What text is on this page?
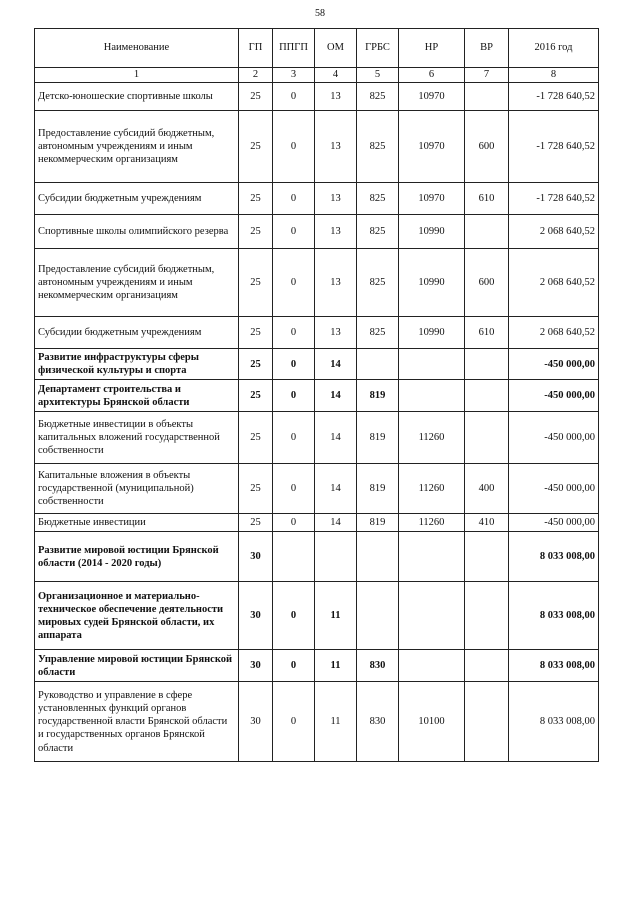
58
Наименование	ГП	ППГП	ОМ	ГРБС	НР	ВР	2016 год
1	2	3	4	5	6	7	8
Детско-юношеские спортивные школы	25	0	13	825	10970		-1 728 640,52
Предоставление субсидий бюджетным, автономным учреждениям и иным некоммерческим организациям	25	0	13	825	10970	600	-1 728 640,52
Субсидии бюджетным учреждениям	25	0	13	825	10970	610	-1 728 640,52
Спортивные школы олимпийского резерва	25	0	13	825	10990		2 068 640,52
Предоставление субсидий бюджетным, автономным учреждениям и иным некоммерческим организациям	25	0	13	825	10990	600	2 068 640,52
Субсидии бюджетным учреждениям	25	0	13	825	10990	610	2 068 640,52
Развитие инфраструктуры сферы физической культуры и спорта	25	0	14				-450 000,00
Департамент строительства и архитектуры Брянской области	25	0	14	819			-450 000,00
Бюджетные инвестиции в объекты капитальных вложений государственной собственности	25	0	14	819	11260		-450 000,00
Капитальные вложения в объекты государственной (муниципальной) собственности	25	0	14	819	11260	400	-450 000,00
Бюджетные инвестиции	25	0	14	819	11260	410	-450 000,00
Развитие мировой юстиции Брянской области (2014 - 2020 годы)	30						8 033 008,00
Организационное и материально-техническое обеспечение деятельности мировых судей Брянской области, их аппарата	30	0	11				8 033 008,00
Управление мировой юстиции Брянской области	30	0	11	830			8 033 008,00
Руководство и управление в сфере установленных функций органов государственной власти Брянской области и государственных органов Брянской области	30	0	11	830	10100		8 033 008,00
